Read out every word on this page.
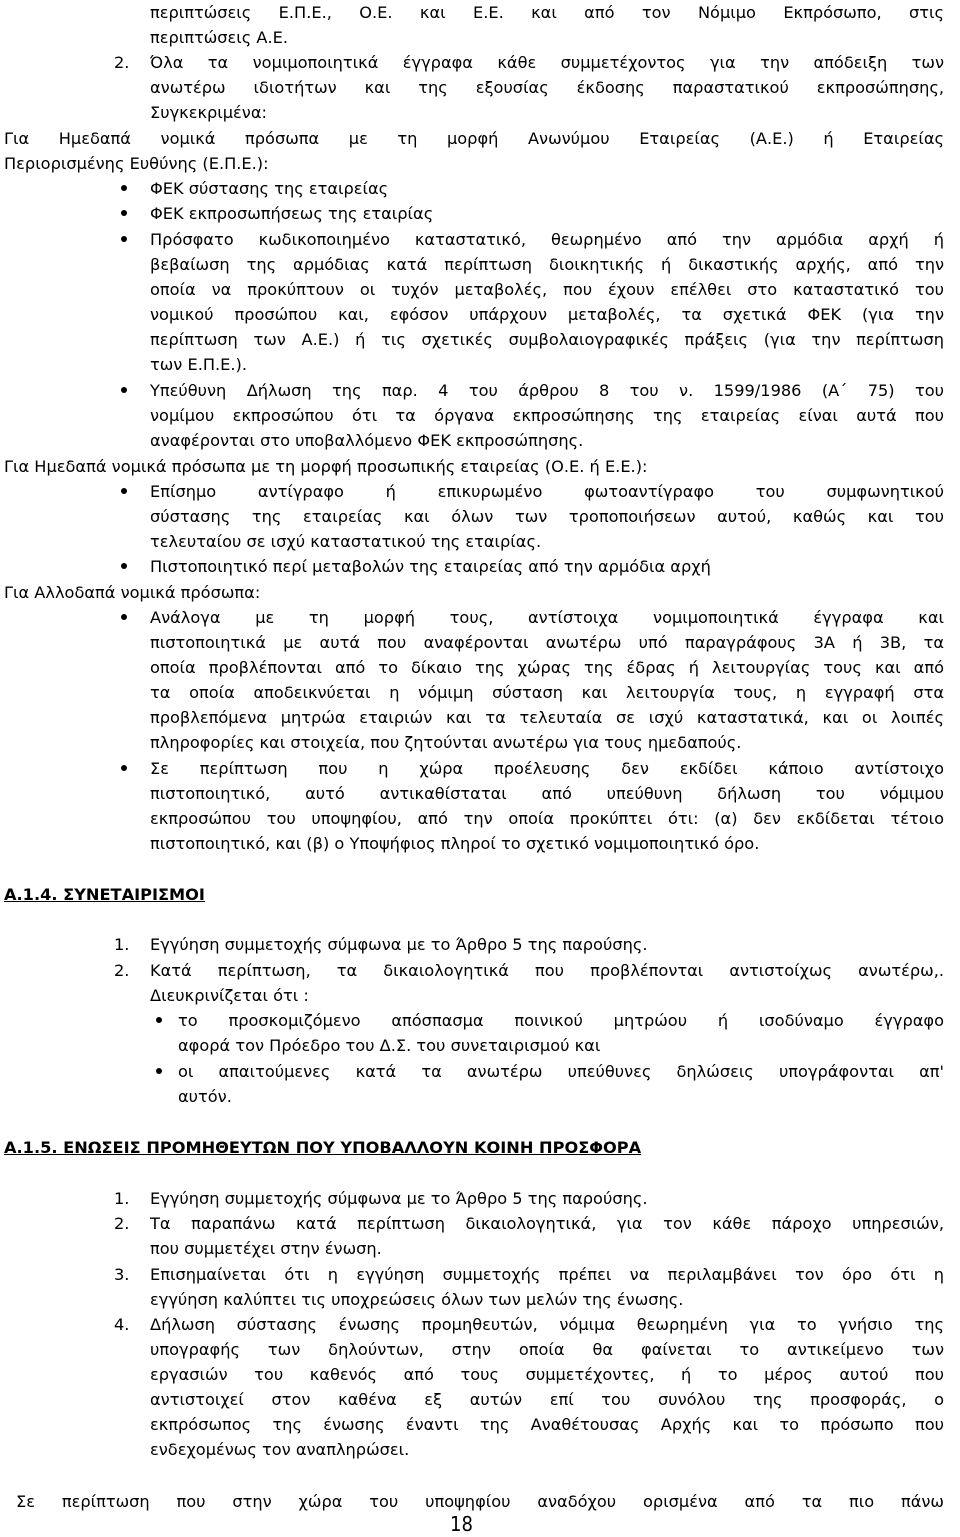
περιπτώσεις Ε.Π.Ε., Ο.Ε. και Ε.Ε. και από τον Νόμιμο Εκπρόσωπο, στις
περιπτώσεις Α.Ε.
2. Όλα τα νομιμοποιητικά έγγραφα κάθε συμμετέχοντος για την απόδειξη των
ανωτέρω ιδιοτήτων και της εξουσίας έκδοσης παραστατικού εκπροσώπησης,
Συγκεκριμένα:
Για Ημεδαπά νομικά πρόσωπα με τη μορφή Ανωνύμου Εταιρείας (Α.Ε.) ή Εταιρείας
Περιορισμένης Ευθύνης (Ε.Π.Ε.):
ΦΕΚ σύστασης της εταιρείας
ΦΕΚ εκπροσωπήσεως της εταιρίας
Πρόσφατο κωδικοποιημένο καταστατικό, θεωρημένο από την αρμόδια αρχή ή
βεβαίωση της αρμόδιας κατά περίπτωση διοικητικής ή δικαστικής αρχής, από την
οποία να προκύπτουν οι τυχόν μεταβολές, που έχουν επέλθει στο καταστατικό του
νομικού προσώπου και, εφόσον υπάρχουν μεταβολές, τα σχετικά ΦΕΚ (για την
περίπτωση των Α.Ε.) ή τις σχετικές συμβολαιογραφικές πράξεις (για την περίπτωση
των Ε.Π.Ε.).
Υπεύθυνη Δήλωση της παρ. 4 του άρθρου 8 του ν. 1599/1986 (Α΄ 75) του
νομίμου εκπροσώπου ότι τα όργανα εκπροσώπησης της εταιρείας είναι αυτά που
αναφέρονται στο υποβαλλόμενο ΦΕΚ εκπροσώπησης.
Για Ημεδαπά νομικά πρόσωπα με τη μορφή προσωπικής εταιρείας (Ο.Ε. ή Ε.Ε.):
Επίσημο αντίγραφο ή επικυρωμένο φωτοαντίγραφο του συμφωνητικού
σύστασης της εταιρείας και όλων των τροποποιήσεων αυτού, καθώς και του
τελευταίου σε ισχύ καταστατικού της εταιρίας.
Πιστοποιητικό περί μεταβολών της εταιρείας από την αρμόδια αρχή
Για Αλλοδαπά νομικά πρόσωπα:
Ανάλογα με τη μορφή τους, αντίστοιχα νομιμοποιητικά έγγραφα και
πιστοποιητικά με αυτά που αναφέρονται ανωτέρω υπό παραγράφους 3Α ή 3Β, τα
οποία προβλέπονται από το δίκαιο της χώρας της έδρας ή λειτουργίας τους και από
τα οποία αποδεικνύεται η νόμιμη σύσταση και λειτουργία τους, η εγγραφή στα
προβλεπόμενα μητρώα εταιριών και τα τελευταία σε ισχύ καταστατικά, και οι λοιπές
πληροφορίες και στοιχεία, που ζητούνται ανωτέρω για τους ημεδαπούς.
Σε περίπτωση που η χώρα προέλευσης δεν εκδίδει κάποιο αντίστοιχο
πιστοποιητικό, αυτό αντικαθίσταται από υπεύθυνη δήλωση του νόμιμου
εκπροσώπου του υποψηφίου, από την οποία προκύπτει ότι: (α) δεν εκδίδεται τέτοιο
πιστοποιητικό, και (β) ο Υποψήφιος πληροί το σχετικό νομιμοποιητικό όρο.
Α.1.4. ΣΥΝΕΤΑΙΡΙΣΜΟΙ
1. Εγγύηση συμμετοχής σύμφωνα με το Άρθρο 5 της παρούσης.
2. Κατά περίπτωση, τα δικαιολογητικά που προβλέπονται αντιστοίχως ανωτέρω,.
Διευκρινίζεται ότι :
το προσκομιζόμενο απόσπασμα ποινικού μητρώου ή ισοδύναμο έγγραφο
αφορά τον Πρόεδρο του Δ.Σ. του συνεταιρισμού και
οι απαιτούμενες κατά τα ανωτέρω υπεύθυνες δηλώσεις υπογράφονται απ'
αυτόν.
Α.1.5. ΕΝΩΣΕΙΣ ΠΡΟΜΗΘΕΥΤΩΝ ΠΟΥ ΥΠΟΒΑΛΛΟΥΝ ΚΟΙΝΗ ΠΡΟΣΦΟΡΑ
1. Εγγύηση συμμετοχής σύμφωνα με το Άρθρο 5 της παρούσης.
2. Τα παραπάνω κατά περίπτωση δικαιολογητικά, για τον κάθε πάροχο υπηρεσιών,
που συμμετέχει στην ένωση.
3. Επισημαίνεται ότι η εγγύηση συμμετοχής πρέπει να περιλαμβάνει τον όρο ότι η
εγγύηση καλύπτει τις υποχρεώσεις όλων των μελών της ένωσης.
4. Δήλωση σύστασης ένωσης προμηθευτών, νόμιμα θεωρημένη για το γνήσιο της
υπογραφής των δηλούντων, στην οποία θα φαίνεται το αντικείμενο των
εργασιών του καθενός από τους συμμετέχοντες, ή το μέρος αυτού που
αντιστοιχεί στον καθένα εξ αυτών επί του συνόλου της προσφοράς, ο
εκπρόσωπος της ένωσης έναντι της Αναθέτουσας Αρχής και το πρόσωπο που
ενδεχομένως τον αναπληρώσει.
Σε περίπτωση που στην χώρα του υποψηφίου αναδόχου ορισμένα από τα πιο πάνω
18
